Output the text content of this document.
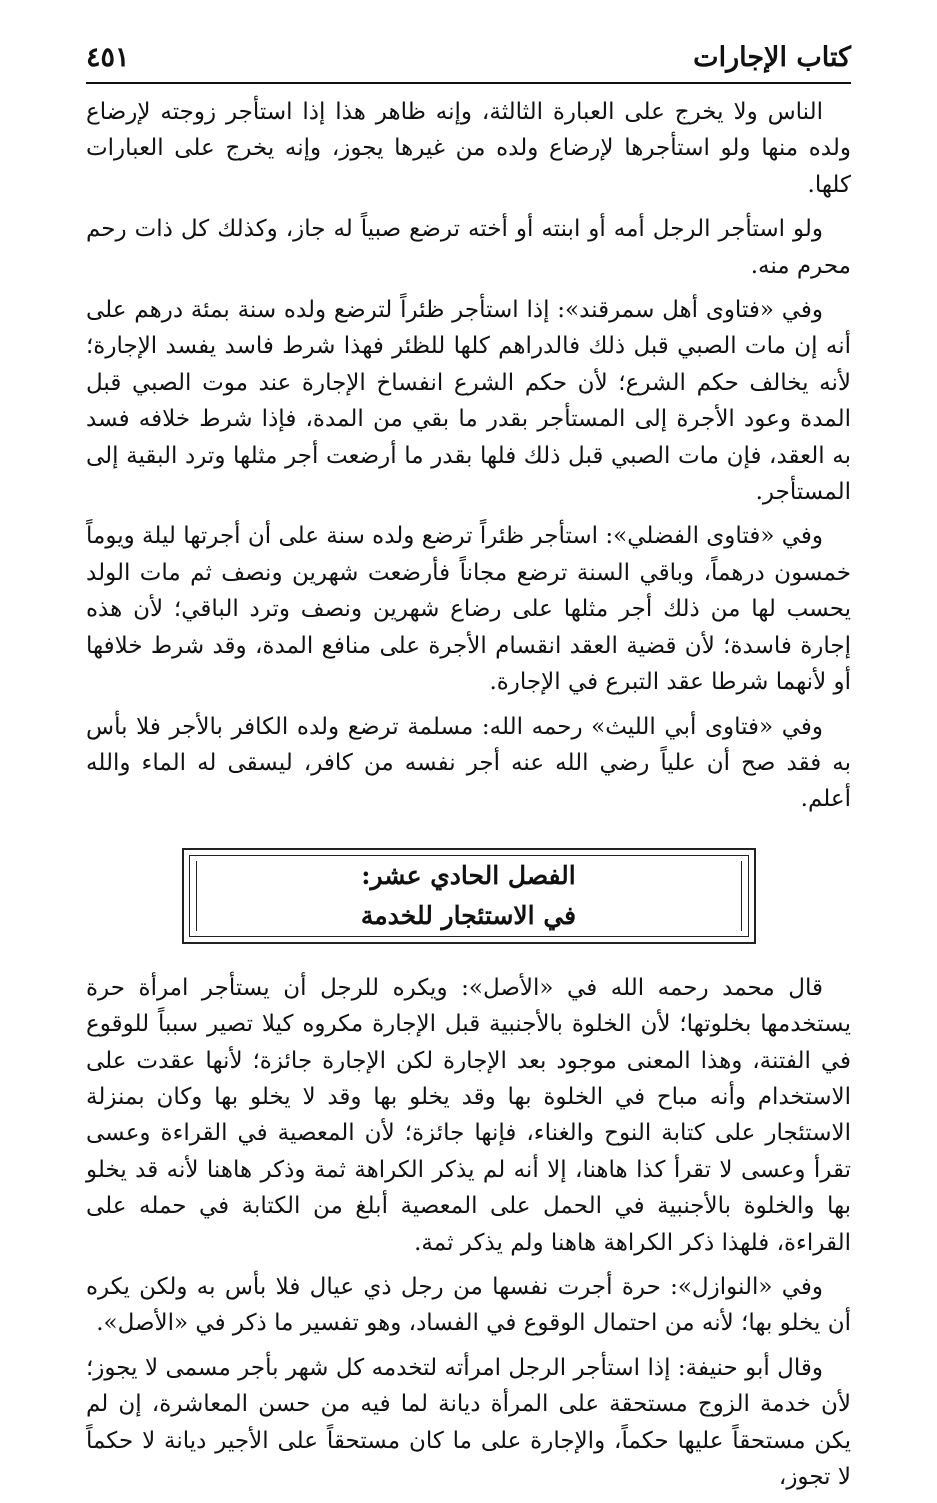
كتاب الإجارات
٤٥١

الناس ولا يخرج على العبارة الثالثة، وإنه ظاهر هذا إذا استأجر زوجته لإرضاع ولده منها ولو استأجرها لإرضاع ولده من غيرها يجوز، وإنه يخرج على العبارات كلها.

ولو استأجر الرجل أمه أو ابنته أو أخته ترضع صبياً له جاز، وكذلك كل ذات رحم محرم منه.

وفي «فتاوى أهل سمرقند»: إذا استأجر ظئراً لترضع ولده سنة بمئة درهم على أنه إن مات الصبي قبل ذلك فالدراهم كلها للظئر فهذا شرط فاسد يفسد الإجارة؛ لأنه يخالف حكم الشرع؛ لأن حكم الشرع انفساخ الإجارة عند موت الصبي قبل المدة وعود الأجرة إلى المستأجر بقدر ما بقي من المدة، فإذا شرط خلافه فسد به العقد، فإن مات الصبي قبل ذلك فلها بقدر ما أرضعت أجر مثلها وترد البقية إلى المستأجر.

وفي «فتاوى الفضلي»: استأجر ظئراً ترضع ولده سنة على أن أجرتها ليلة ويوماً خمسون درهماً، وباقي السنة ترضع مجاناً فأرضعت شهرين ونصف ثم مات الولد يحسب لها من ذلك أجر مثلها على رضاع شهرين ونصف وترد الباقي؛ لأن هذه إجارة فاسدة؛ لأن قضية العقد انقسام الأجرة على منافع المدة، وقد شرط خلافها أو لأنهما شرطا عقد التبرع في الإجارة.

وفي «فتاوى أبي الليث» رحمه الله: مسلمة ترضع ولده الكافر بالأجر فلا بأس به فقد صح أن علياً رضي الله عنه أجر نفسه من كافر، ليسقى له الماء والله أعلم.

الفصل الحادي عشر:
في الاستئجار للخدمة

قال محمد رحمه الله في «الأصل»: ويكره للرجل أن يستأجر امرأة حرة يستخدمها بخلوتها؛ لأن الخلوة بالأجنبية قبل الإجارة مكروه كيلا تصير سبباً للوقوع في الفتنة، وهذا المعنى موجود بعد الإجارة لكن الإجارة جائزة؛ لأنها عقدت على الاستخدام وأنه مباح في الخلوة بها وقد يخلو بها وقد لا يخلو بها وكان بمنزلة الاستئجار على كتابة النوح والغناء، فإنها جائزة؛ لأن المعصية في القراءة وعسى تقرأ وعسى لا تقرأ كذا هاهنا، إلا أنه لم يذكر الكراهة ثمة وذكر هاهنا لأنه قد يخلو بها والخلوة بالأجنبية في الحمل على المعصية أبلغ من الكتابة في حمله على القراءة، فلهذا ذكر الكراهة هاهنا ولم يذكر ثمة.

وفي «النوازل»: حرة أجرت نفسها من رجل ذي عيال فلا بأس به ولكن يكره أن يخلو بها؛ لأنه من احتمال الوقوع في الفساد، وهو تفسير ما ذكر في «الأصل».

وقال أبو حنيفة: إذا استأجر الرجل امرأته لتخدمه كل شهر بأجر مسمى لا يجوز؛ لأن خدمة الزوج مستحقة على المرأة ديانة لما فيه من حسن المعاشرة، إن لم يكن مستحقاً عليها حكماً، والإجارة على ما كان مستحقاً على الأجير ديانة لا حكماً لا تجوز،
